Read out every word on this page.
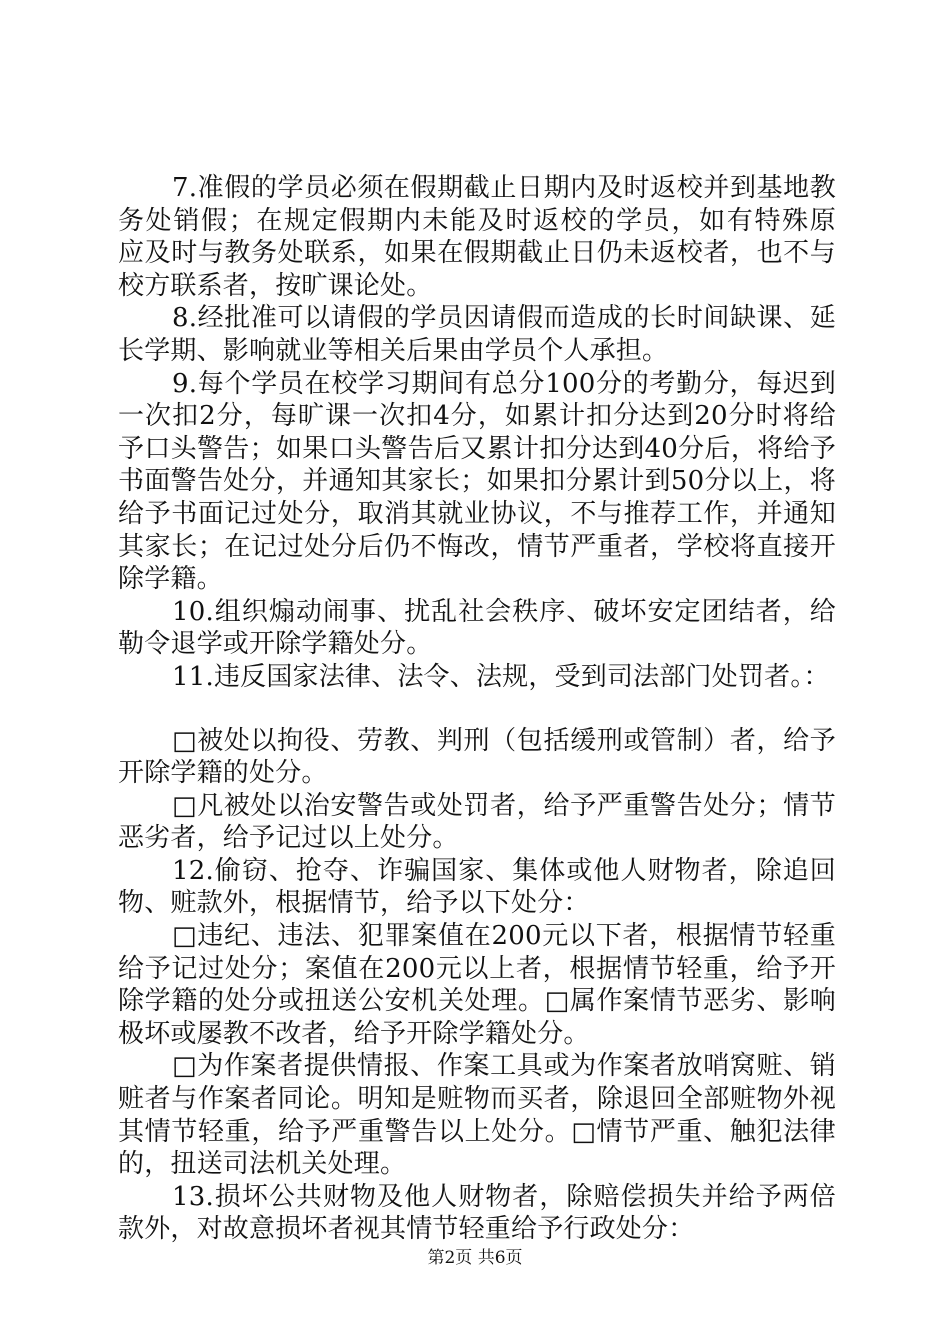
7.准假的学员必须在假期截止日期内及时返校并到基地教
务处销假；在规定假期内未能及时返校的学员，如有特殊原
应及时与教务处联系，如果在假期截止日仍未返校者，也不与
校方联系者，按旷课论处。
8.经批准可以请假的学员因请假而造成的长时间缺课、延
长学期、影响就业等相关后果由学员个人承担。
9.每个学员在校学习期间有总分100分的考勤分，每迟到
一次扣2分，每旷课一次扣4分，如累计扣分达到20分时将给
予口头警告；如果口头警告后又累计扣分达到40分后，将给予
书面警告处分，并通知其家长；如果扣分累计到50分以上，将
给予书面记过处分，取消其就业协议，不与推荐工作，并通知
其家长；在记过处分后仍不悔改，情节严重者，学校将直接开
除学籍。
10.组织煽动闹事、扰乱社会秩序、破坏安定团结者，给
勒令退学或开除学籍处分。
11.违反国家法律、法令、法规，受到司法部门处罚者。：
□被处以拘役、劳教、判刑（包括缓刑或管制）者，给予
开除学籍的处分。
□凡被处以治安警告或处罚者，给予严重警告处分；情节
恶劣者，给予记过以上处分。
12.偷窃、抢夺、诈骗国家、集体或他人财物者，除追回
物、赃款外，根据情节，给予以下处分：
□违纪、违法、犯罪案值在200元以下者，根据情节轻重
给予记过处分；案值在200元以上者，根据情节轻重，给予开
除学籍的处分或扭送公安机关处理。□属作案情节恶劣、影响
极坏或屡教不改者，给予开除学籍处分。
□为作案者提供情报、作案工具或为作案者放哨窝赃、销
赃者与作案者同论。明知是赃物而买者，除退回全部赃物外视
其情节轻重，给予严重警告以上处分。□情节严重、触犯法律
的，扭送司法机关处理。
13.损坏公共财物及他人财物者，除赔偿损失并给予两倍
款外，对故意损坏者视其情节轻重给予行政处分：
第2页 共6页
